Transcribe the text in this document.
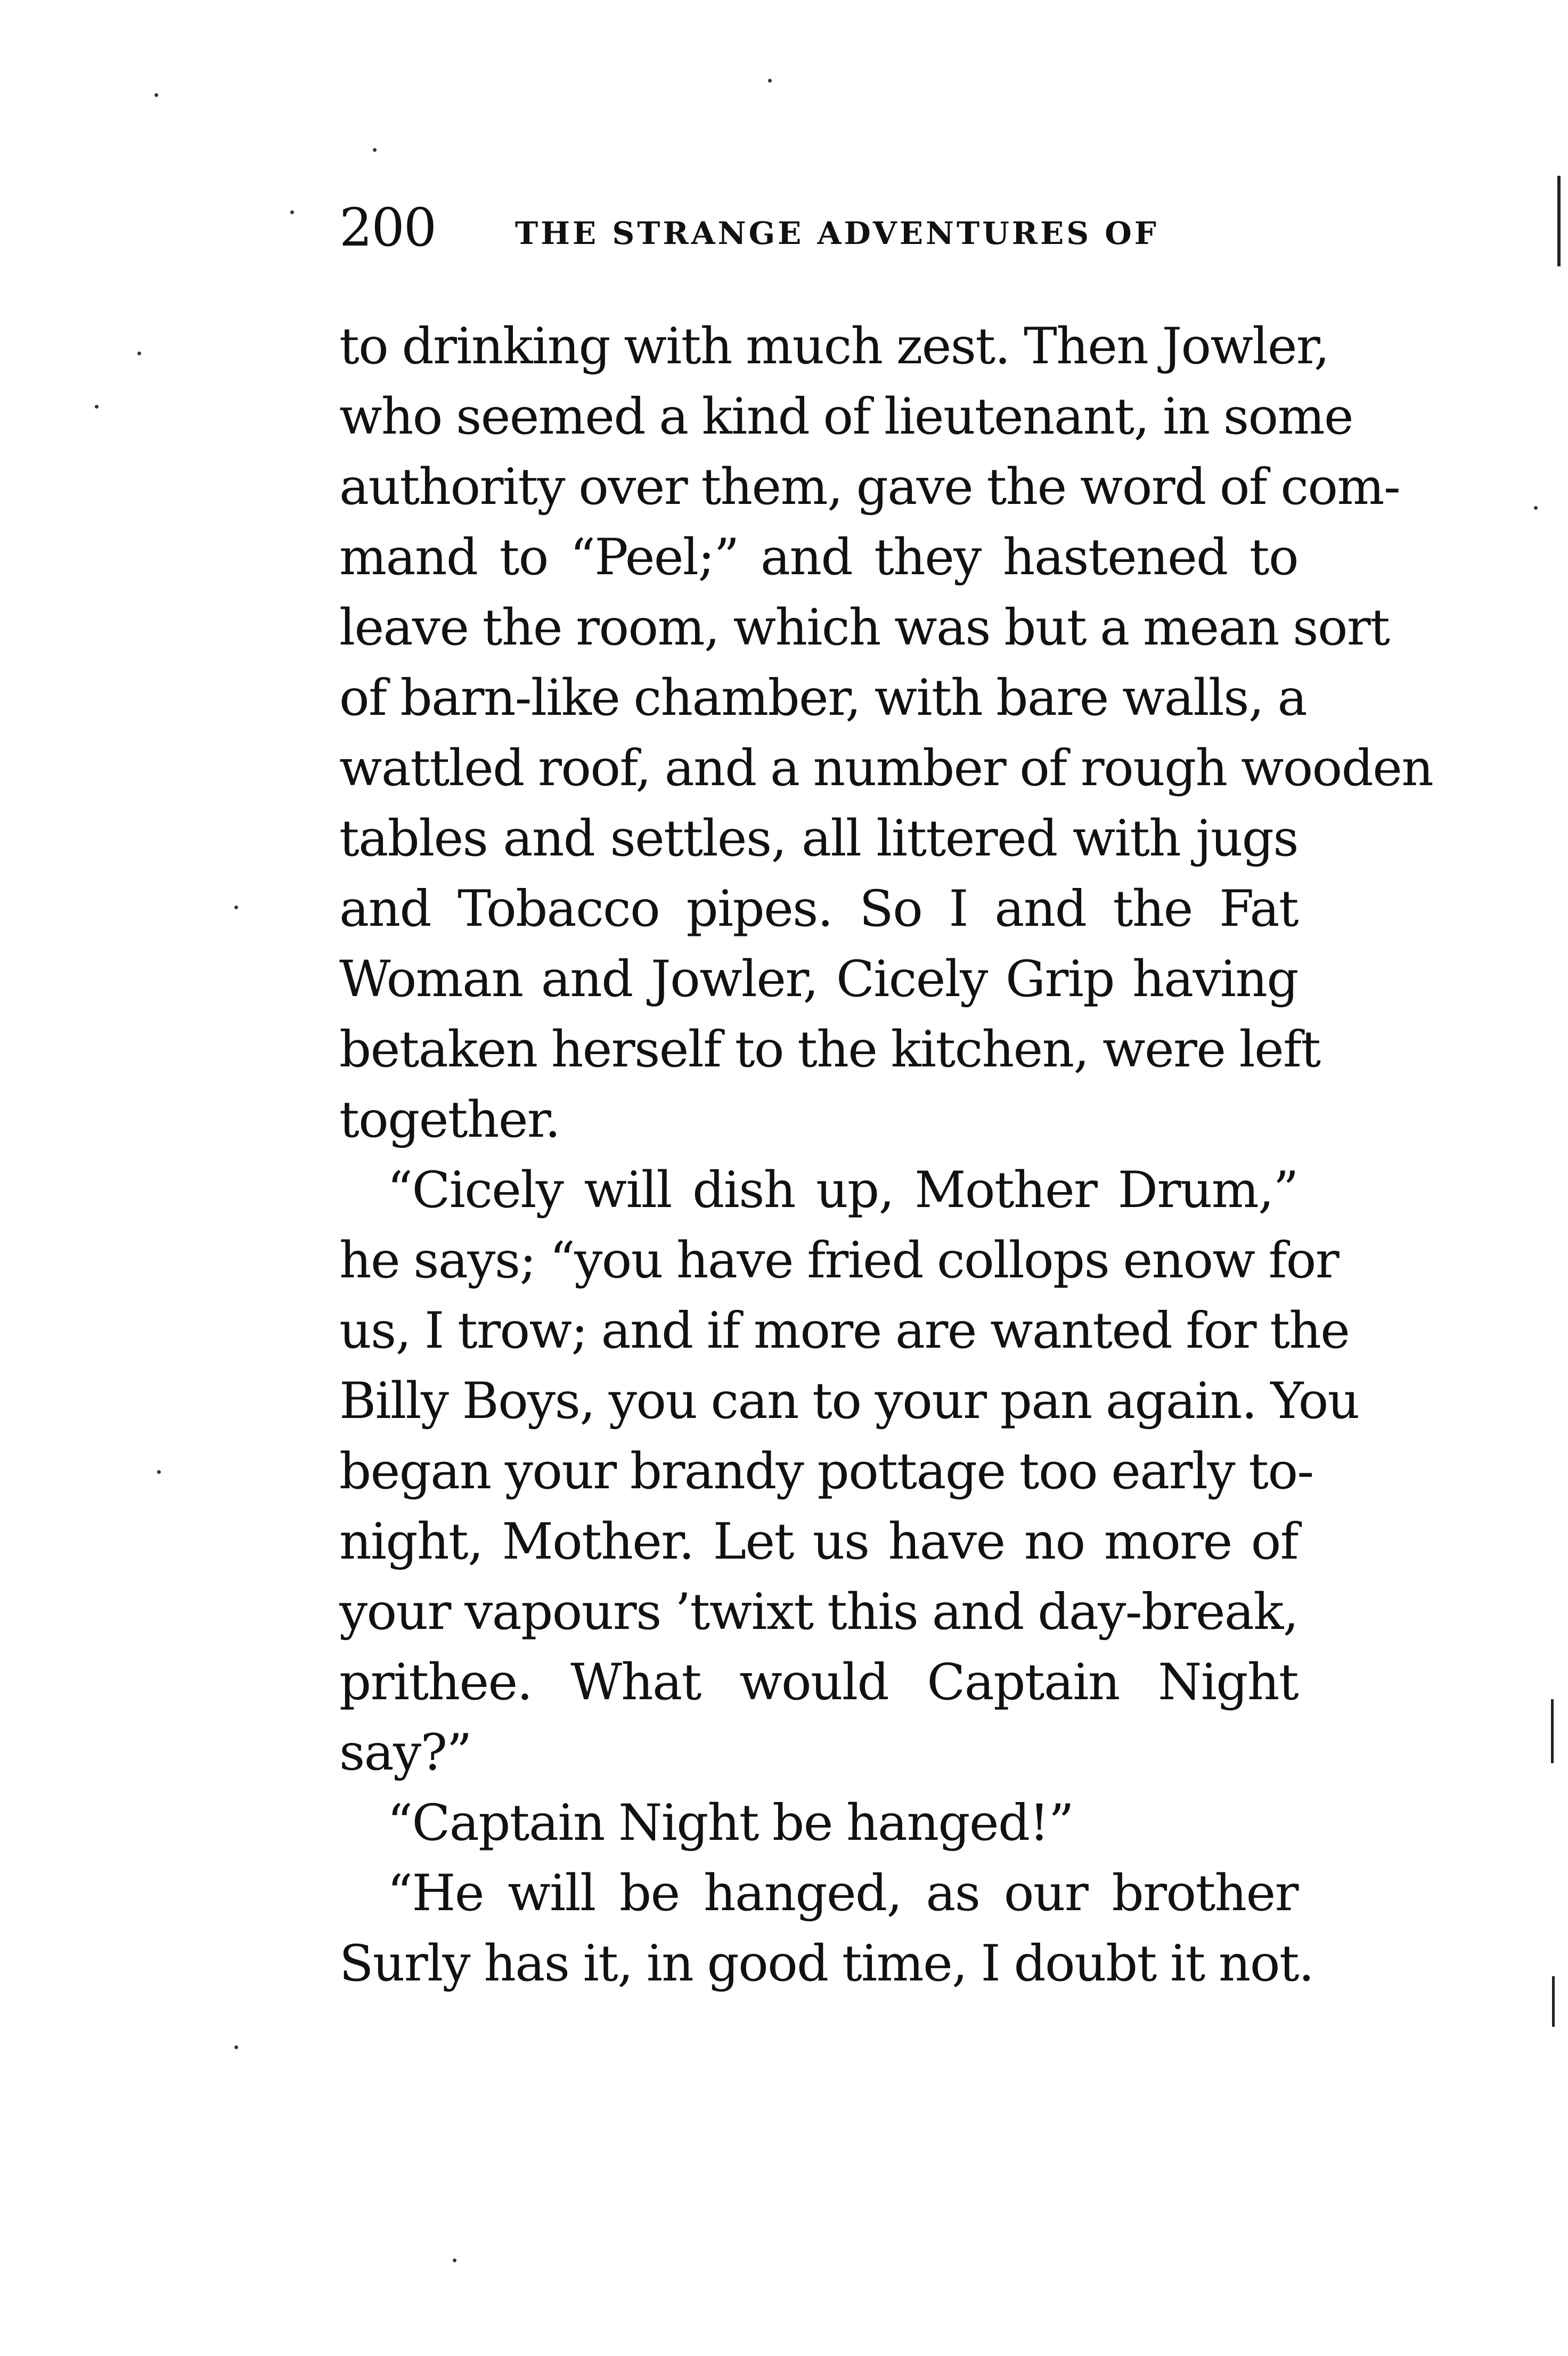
200	THE STRANGE ADVENTURES OF
to drinking with much zest. Then Jowler,
who seemed a kind of lieutenant, in some
authority over them, gave the word of com-
mand to “Peel;” and they hastened to
leave the room, which was but a mean sort
of barn-like chamber, with bare walls, a
wattled roof, and a number of rough wooden
tables and settles, all littered with jugs
and Tobacco pipes. So I and the Fat
Woman and Jowler, Cicely Grip having
betaken herself to the kitchen, were left
together.
“Cicely will dish up, Mother Drum,”
he says; “you have fried collops enow for
us, I trow; and if more are wanted for the
Billy Boys, you can to your pan again. You
began your brandy pottage too early to-
night, Mother. Let us have no more of
your vapours ’twixt this and day-break,
prithee. What would Captain Night
say?”
“Captain Night be hanged!”
“He will be hanged, as our brother
Surly has it, in good time, I doubt it not.
